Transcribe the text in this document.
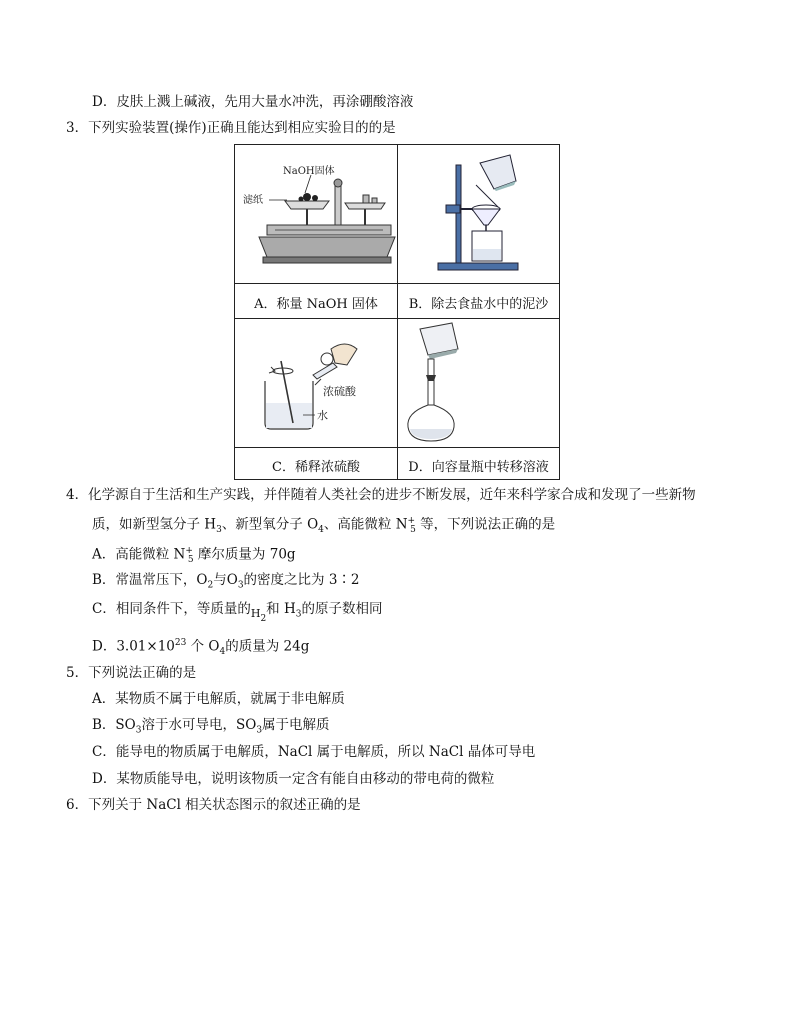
D．皮肤上溅上碱液，先用大量水冲洗，再涂硼酸溶液
3．下列实验装置(操作)正确且能达到相应实验目的的是
NaOH固体
滤纸
A．称量 NaOH 固体	B．除去食盐水中的泥沙
浓硫酸
水
C．稀释浓硫酸	D．向容量瓶中转移溶液
4．化学源自于生活和生产实践，并伴随着人类社会的进步不断发展，近年来科学家合成和发现了一些新物
质，如新型氢分子 $H_3$、新型氧分子 $O_4$、高能微粒 $N^+_5$ 等，下列说法正确的是
A．高能微粒 $N^+_5$ 摩尔质量为 70g
B．常温常压下，$O_2$与$O_3$的密度之比为 3∶2
C．相同条件下，等质量的$_{H2}$和 $H_3$的原子数相同
D．$3.01\times 10^{23}$ 个 $O_4$的质量为 24g
5．下列说法正确的是
A．某物质不属于电解质，就属于非电解质
B．$SO_3$溶于水可导电，$SO_3$属于电解质
C．能导电的物质属于电解质，NaCl 属于电解质，所以 NaCl 晶体可导电
D．某物质能导电，说明该物质一定含有能自由移动的带电荷的微粒
6．下列关于 NaCl 相关状态图示的叙述正确的是
